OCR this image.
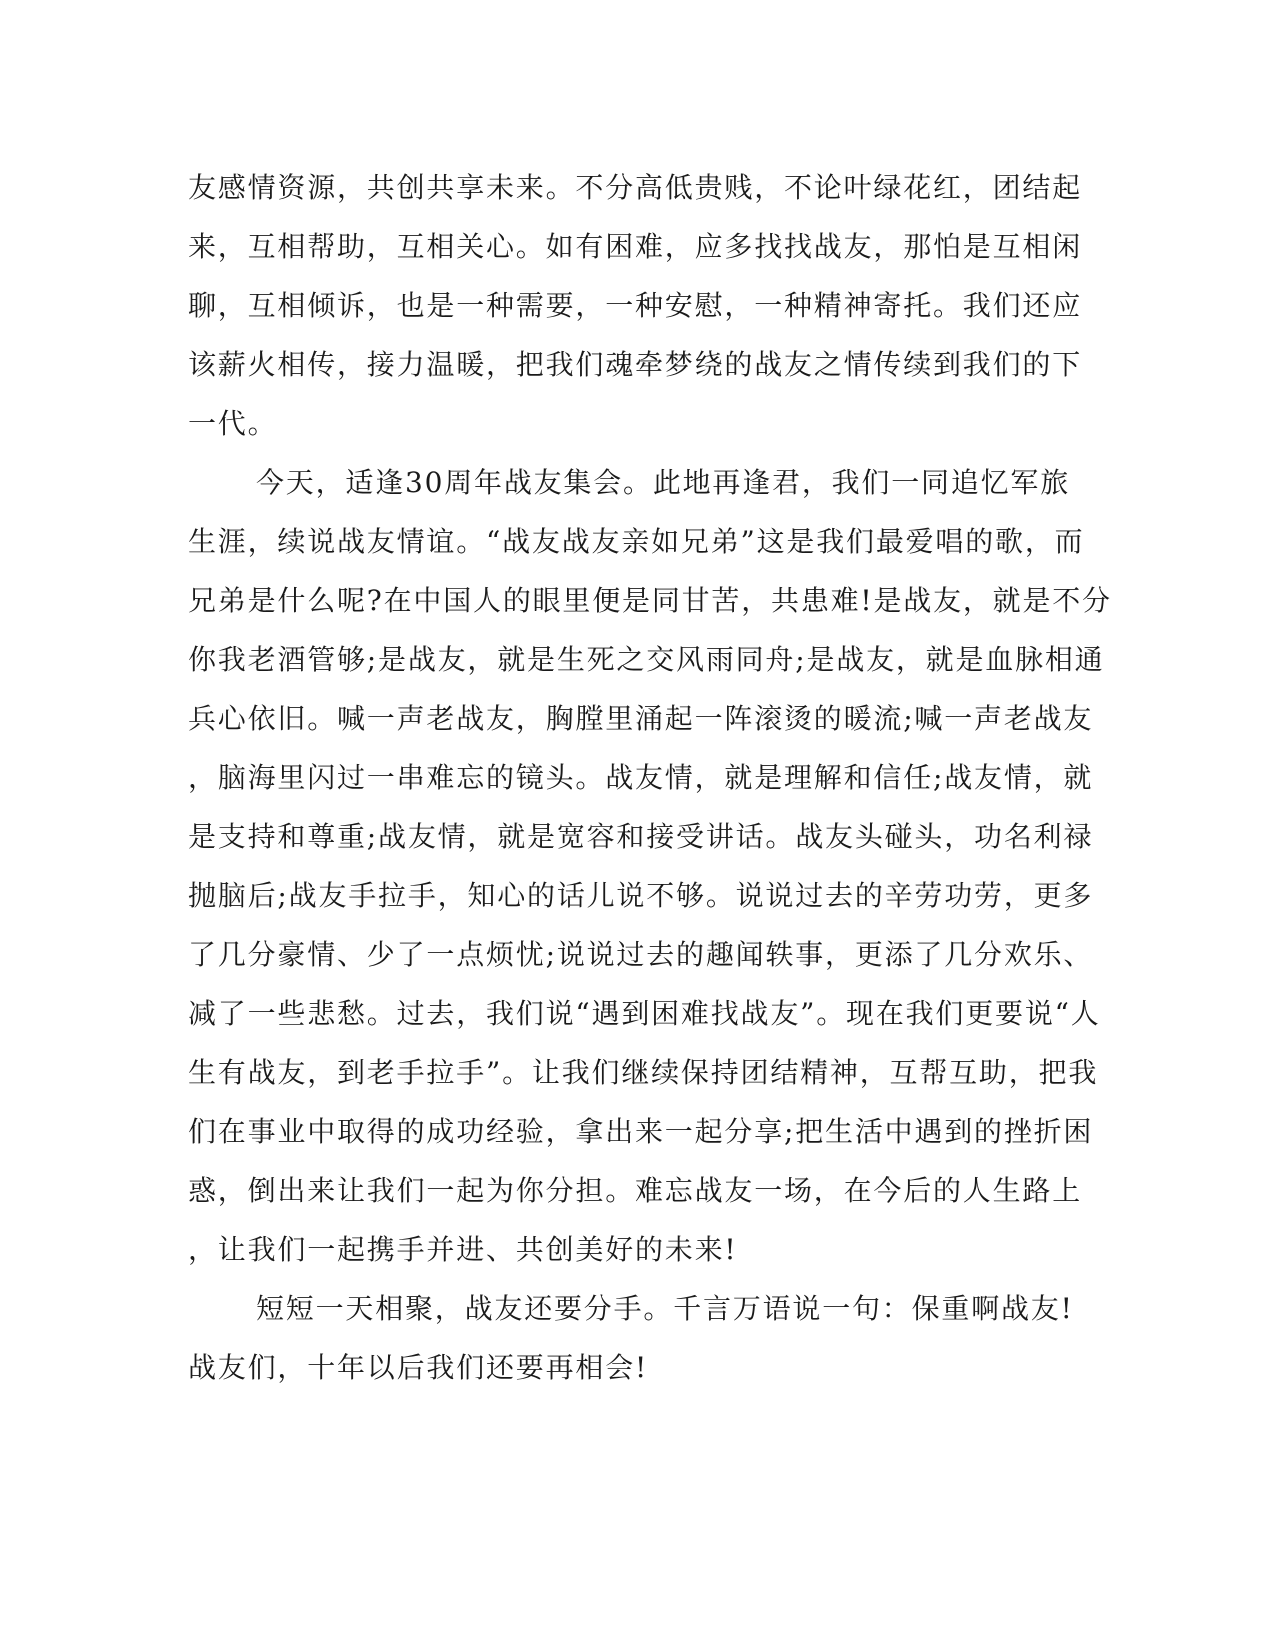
友感情资源，共创共享未来。不分高低贵贱，不论叶绿花红，团结起
来，互相帮助，互相关心。如有困难，应多找找战友，那怕是互相闲
聊，互相倾诉，也是一种需要，一种安慰，一种精神寄托。我们还应
该薪火相传，接力温暖，把我们魂牵梦绕的战友之情传续到我们的下
一代。
今天，适逢30周年战友集会。此地再逢君，我们一同追忆军旅
生涯，续说战友情谊。“战友战友亲如兄弟”这是我们最爱唱的歌，而
兄弟是什么呢?在中国人的眼里便是同甘苦，共患难!是战友，就是不分
你我老酒管够;是战友，就是生死之交风雨同舟;是战友，就是血脉相通
兵心依旧。喊一声老战友，胸膛里涌起一阵滚烫的暖流;喊一声老战友
，脑海里闪过一串难忘的镜头。战友情，就是理解和信任;战友情，就
是支持和尊重;战友情，就是宽容和接受讲话。战友头碰头，功名利禄
抛脑后;战友手拉手，知心的话儿说不够。说说过去的辛劳功劳，更多
了几分豪情、少了一点烦忧;说说过去的趣闻轶事，更添了几分欢乐、
减了一些悲愁。过去，我们说“遇到困难找战友”。现在我们更要说“人
生有战友，到老手拉手”。让我们继续保持团结精神，互帮互助，把我
们在事业中取得的成功经验，拿出来一起分享;把生活中遇到的挫折困
惑，倒出来让我们一起为你分担。难忘战友一场，在今后的人生路上
，让我们一起携手并进、共创美好的未来!
短短一天相聚，战友还要分手。千言万语说一句：保重啊战友!
战友们，十年以后我们还要再相会!
